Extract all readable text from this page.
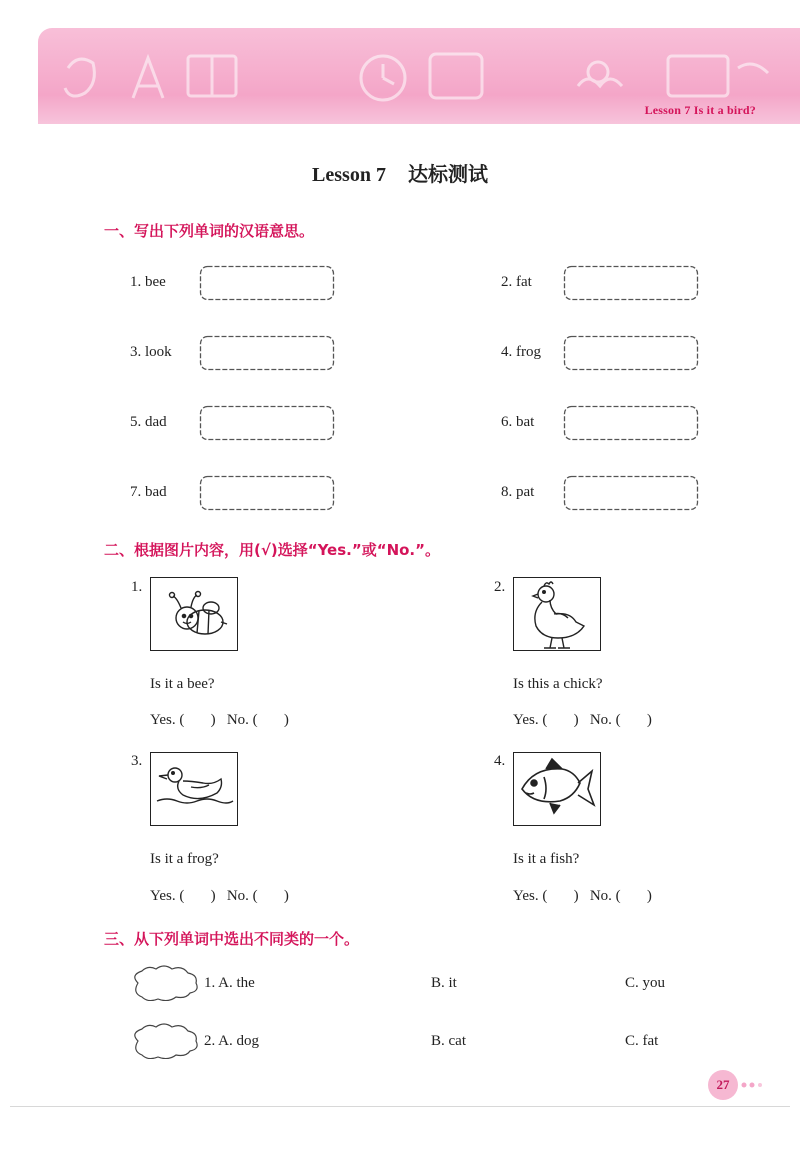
Lesson 7 Is it a bird?
Lesson 7 达标测试
一、写出下列单词的汉语意思。
1. bee	2. fat
3. look	4. frog
5. dad	6. bat
7. bad	8. pat
二、根据图片内容，用(√)选择“Yes.”或“No.”。
1.
Is it a bee?
Yes. (       )   No. (       )
2.
Is this a chick?
Yes. (       )   No. (       )
3.
Is it a frog?
Yes. (       )   No. (       )
4.
Is it a fish?
Yes. (       )   No. (       )
三、从下列单词中选出不同类的一个。
1. A. the	B. it	C. you
2. A. dog	B. cat	C. fat
27
